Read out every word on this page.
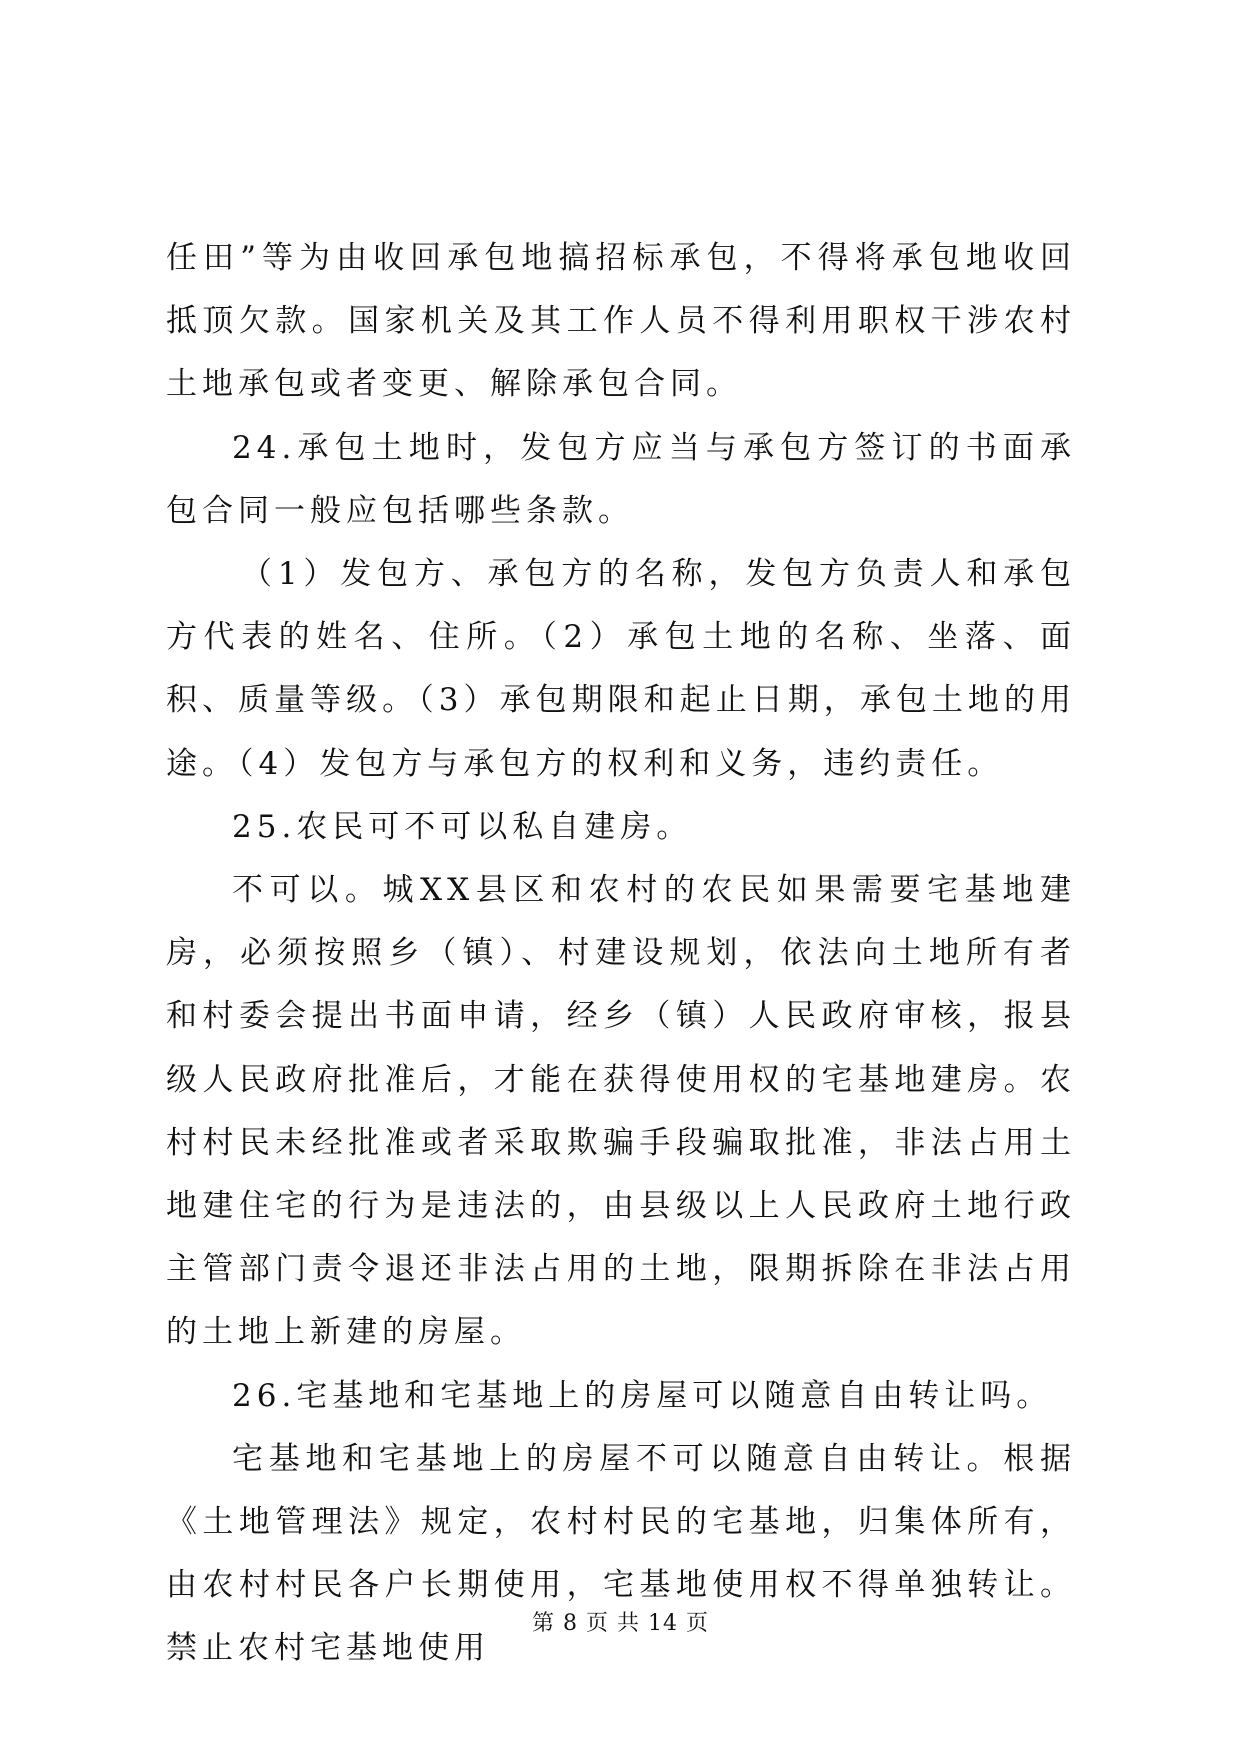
任田”等为由收回承包地搞招标承包，不得将承包地收回抵顶欠款。国家机关及其工作人员不得利用职权干涉农村土地承包或者变更、解除承包合同。

24.承包土地时，发包方应当与承包方签订的书面承包合同一般应包括哪些条款。

（1）发包方、承包方的名称，发包方负责人和承包方代表的姓名、住所。（2）承包土地的名称、坐落、面积、质量等级。（3）承包期限和起止日期，承包土地的用途。（4）发包方与承包方的权利和义务，违约责任。

25.农民可不可以私自建房。

不可以。城XX县区和农村的农民如果需要宅基地建房，必须按照乡（镇）、村建设规划，依法向土地所有者和村委会提出书面申请，经乡（镇）人民政府审核，报县级人民政府批准后，才能在获得使用权的宅基地建房。农村村民未经批准或者采取欺骗手段骗取批准，非法占用土地建住宅的行为是违法的，由县级以上人民政府土地行政主管部门责令退还非法占用的土地，限期拆除在非法占用的土地上新建的房屋。

26.宅基地和宅基地上的房屋可以随意自由转让吗。

宅基地和宅基地上的房屋不可以随意自由转让。根据《土地管理法》规定，农村村民的宅基地，归集体所有，由农村村民各户长期使用，宅基地使用权不得单独转让。禁止农村宅基地使用

第 8 页 共 14 页
